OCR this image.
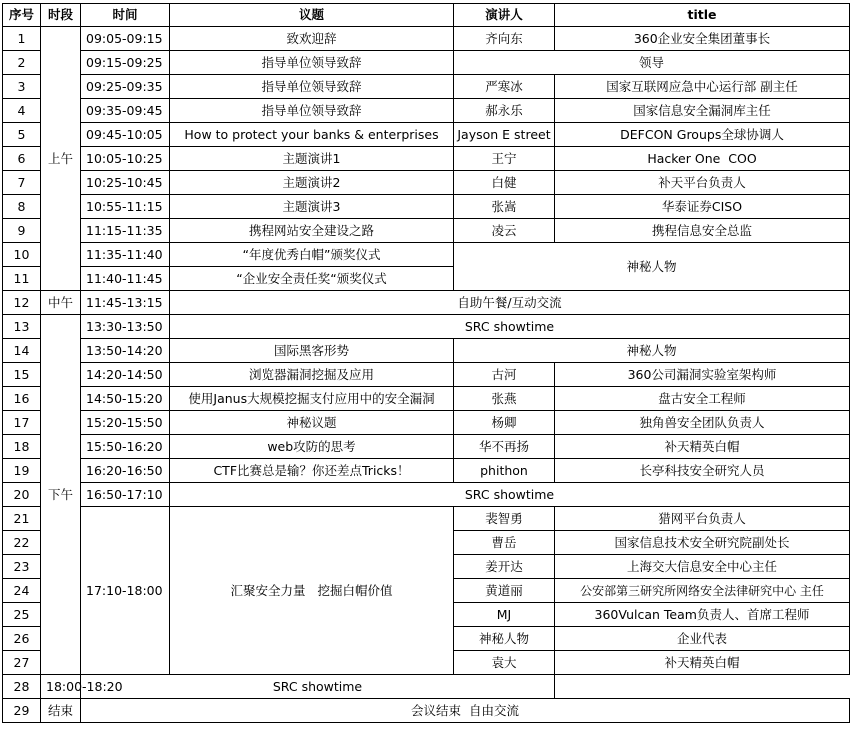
序号	时段	时间	议题	演讲人	title
1	上午	09:05-09:15	致欢迎辞	齐向东	360企业安全集团董事长
2		09:15-09:25	指导单位领导致辞	领导	
3		09:25-09:35	指导单位领导致辞	严寒冰	国家互联网应急中心运行部 副主任
4		09:35-09:45	指导单位领导致辞	郝永乐	国家信息安全漏洞库主任
5		09:45-10:05	How to protect your banks & enterprises	Jayson E street	DEFCON Groups全球协调人
6		10:05-10:25	主题演讲1	王宁	Hacker One  COO
7		10:25-10:45	主题演讲2	白健	补天平台负责人
8		10:55-11:15	主题演讲3	张嵩	华泰证券CISO
9		11:15-11:35	携程网站安全建设之路	凌云	携程信息安全总监
10		11:35-11:40	“年度优秀白帽”颁奖仪式	神秘人物	
11		11:40-11:45	“企业安全责任奖“颁奖仪式		
12	中午	11:45-13:15	自助午餐/互动交流		
13	下午	13:30-13:50	SRC showtime		
14		13:50-14:20	国际黑客形势	神秘人物	
15		14:20-14:50	浏览器漏洞挖掘及应用	古河	360公司漏洞实验室架构师
16		14:50-15:20	使用Janus大规模挖掘支付应用中的安全漏洞	张燕	盘古安全工程师
17		15:20-15:50	神秘议题	杨卿	独角兽安全团队负责人
18		15:50-16:20	web攻防的思考	华不再扬	补天精英白帽
19		16:20-16:50	CTF比赛总是输？你还差点Tricks！	phithon	长亭科技安全研究人员
20		16:50-17:10	SRC showtime		
21		17:10-18:00	汇聚安全力量   挖掘白帽价值	裴智勇	猎网平台负责人
22				曹岳	国家信息技术安全研究院副处长
23				姜开达	上海交大信息安全中心主任
24				黄道丽	公安部第三研究所网络安全法律研究中心 主任
25				MJ	360Vulcan Team负责人、首席工程师
26				神秘人物	企业代表
27				袁大	补天精英白帽
28	18:00-18:20	SRC showtime			
29	结束	会议结束  自由交流			
